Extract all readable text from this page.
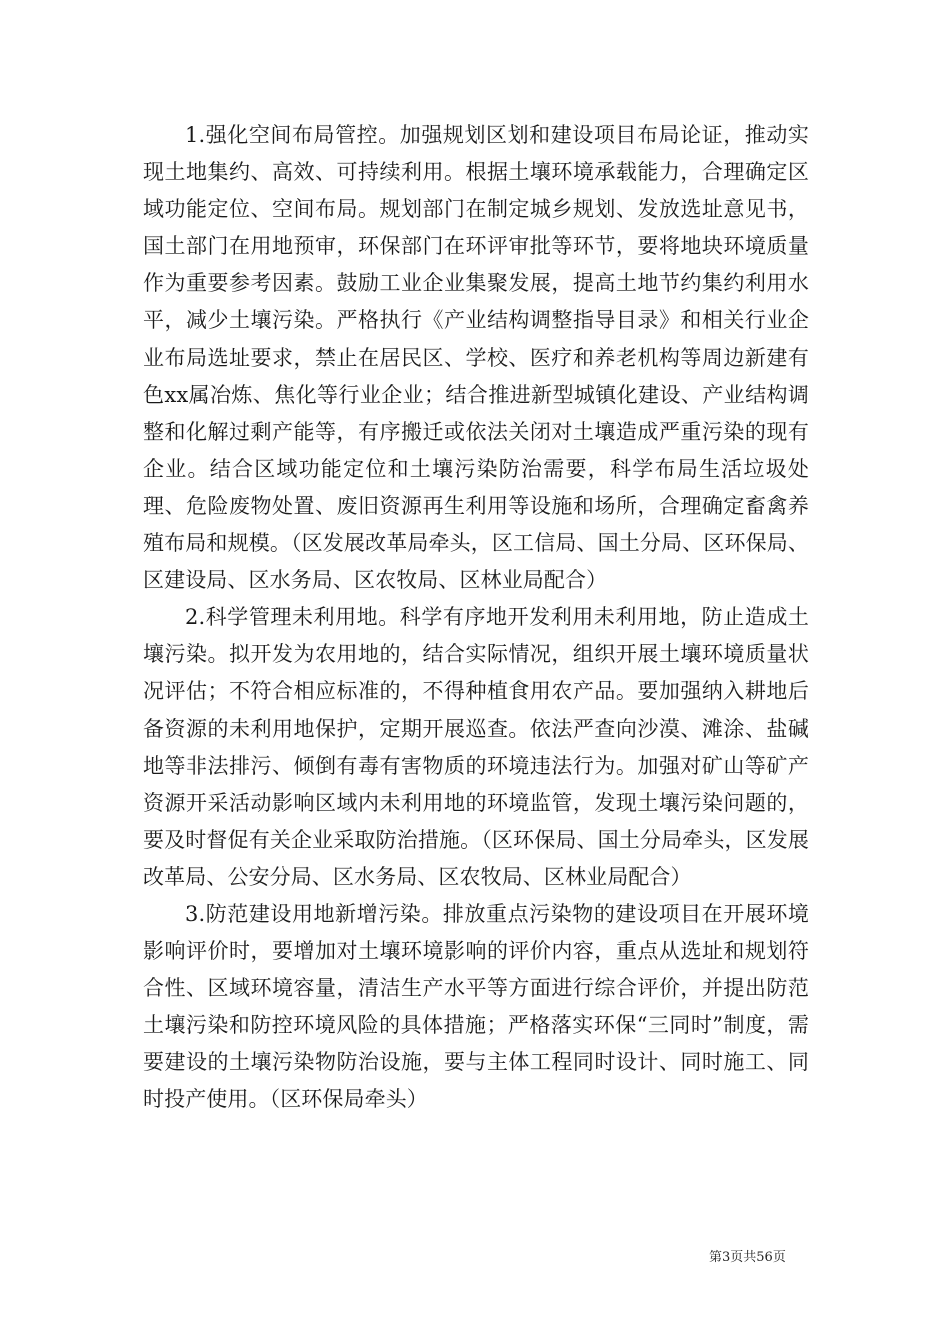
1.强化空间布局管控。加强规划区划和建设项目布局论证，推动实现土地集约、高效、可持续利用。根据土壤环境承载能力，合理确定区域功能定位、空间布局。规划部门在制定城乡规划、发放选址意见书，国土部门在用地预审，环保部门在环评审批等环节，要将地块环境质量作为重要参考因素。鼓励工业企业集聚发展，提高土地节约集约利用水平，减少土壤污染。严格执行《产业结构调整指导目录》和相关行业企业布局选址要求，禁止在居民区、学校、医疗和养老机构等周边新建有色xx属冶炼、焦化等行业企业；结合推进新型城镇化建设、产业结构调整和化解过剩产能等，有序搬迁或依法关闭对土壤造成严重污染的现有企业。结合区域功能定位和土壤污染防治需要，科学布局生活垃圾处理、危险废物处置、废旧资源再生利用等设施和场所，合理确定畜禽养殖布局和规模。（区发展改革局牵头，区工信局、国土分局、区环保局、区建设局、区水务局、区农牧局、区林业局配合）

2.科学管理未利用地。科学有序地开发利用未利用地，防止造成土壤污染。拟开发为农用地的，结合实际情况，组织开展土壤环境质量状况评估；不符合相应标准的，不得种植食用农产品。要加强纳入耕地后备资源的未利用地保护，定期开展巡查。依法严查向沙漠、滩涂、盐碱地等非法排污、倾倒有毒有害物质的环境违法行为。加强对矿山等矿产资源开采活动影响区域内未利用地的环境监管，发现土壤污染问题的，要及时督促有关企业采取防治措施。（区环保局、国土分局牵头，区发展改革局、公安分局、区水务局、区农牧局、区林业局配合）

3.防范建设用地新增污染。排放重点污染物的建设项目在开展环境影响评价时，要增加对土壤环境影响的评价内容，重点从选址和规划符合性、区域环境容量，清洁生产水平等方面进行综合评价，并提出防范土壤污染和防控环境风险的具体措施；严格落实环保“三同时”制度，需要建设的土壤污染物防治设施，要与主体工程同时设计、同时施工、同时投产使用。（区环保局牵头）

第3页共56页
